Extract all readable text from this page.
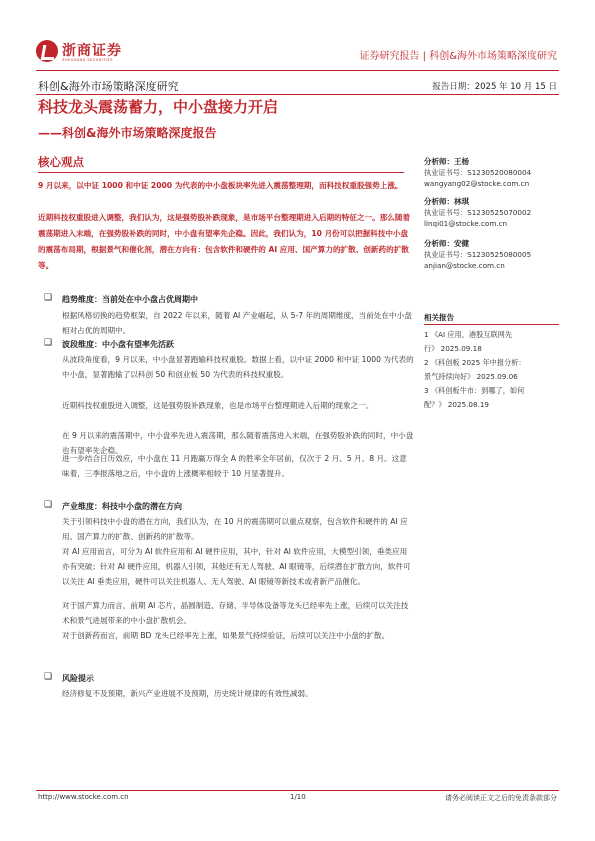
浙商证券
ZHESHANG SECURITIES	证券研究报告 | 科创&海外市场策略深度研究
科创&海外市场策略深度研究	报告日期：2025 年 10 月 15 日
科技龙头震荡蓄力，中小盘接力开启
——科创&海外市场策略深度报告
核心观点
9 月以来，以中证 1000 和中证 2000 为代表的中小盘板块率先进入震荡整理期，而科技权重股强势上涨。
近期科技权重股进入调整，我们认为，这是强势股补跌现象，是市场平台整理期进入后期的特征之一。那么随着震荡期进入末端，在强势股补跌的同时，中小盘有望率先企稳。因此，我们认为，10 月份可以把握科技中小盘的震荡布局期，根据景气和催化剂，潜在方向有：包含软件和硬件的 AI 应用、国产算力的扩散、创新药的扩散等。
❑ 趋势维度：当前处在中小盘占优周期中
根据风格切换的趋势框架，自 2022 年以来，随着 AI 产业崛起，从 5-7 年的周期维度，当前处在中小盘相对占优的周期中。
❑ 波段维度：中小盘有望率先活跃
从波段角度看，9 月以来，中小盘显著跑输科技权重股。数据上看，以中证 2000 和中证 1000 为代表的中小盘，显著跑输了以科创 50 和创业板 50 为代表的科技权重股。
近期科技权重股进入调整，这是强势股补跌现象，也是市场平台整理期进入后期的现象之一。
在 9 月以来的震荡期中，中小盘率先进入震荡期，那么随着震荡进入末端，在强势股补跌的同时，中小盘也有望率先企稳。
进一步结合日历效应，中小盘在 11 月跑赢万得全 A 的胜率全年居前，仅次于 2 月、5 月、8 月。这意味着，三季报落地之后，中小盘的上涨概率相较于 10 月显著提升。
❑ 产业维度：科技中小盘的潜在方向
关于引领科技中小盘的潜在方向，我们认为，在 10 月的震荡期可以重点观察，包含软件和硬件的 AI 应用、国产算力的扩散、创新药的扩散等。
对 AI 应用而言，可分为 AI 软件应用和 AI 硬件应用，其中，针对 AI 软件应用，大模型引领，垂类应用亦有突破；针对 AI 硬件应用，机器人引领，其他还有无人驾驶、AI 眼镜等，后续潜在扩散方向，软件可以关注 AI 垂类应用，硬件可以关注机器人、无人驾驶、AI 眼镜等新技术或者新产品催化。
对于国产算力而言，前期 AI 芯片，晶圆制造、存储、半导体设备等龙头已经率先上涨，后续可以关注技术和景气进展带来的中小盘扩散机会。
对于创新药而言，前期 BD 龙头已经率先上涨，如果景气持续验证，后续可以关注中小盘的扩散。
❑ 风险提示
经济修复不及预期，新兴产业进展不及预期，历史统计规律的有效性减弱。
分析师：王杨
执业证书号：S1230520080004
wangyang02@stocke.com.cn
分析师：林琪
执业证书号：S1230525070002
linqi01@stocke.com.cn
分析师：安健
执业证书号：S1230525080005
anjian@stocke.com.cn
相关报告
1 《AI 应用，港股互联网先
行》 2025.09.18
2 《科创板 2025 年中报分析：
景气持续向好》 2025.09.06
3 《科创板牛市：到哪了，如何
配？》 2025.08.19
http://www.stocke.com.cn	1/10	请务必阅读正文之后的免责条款部分
